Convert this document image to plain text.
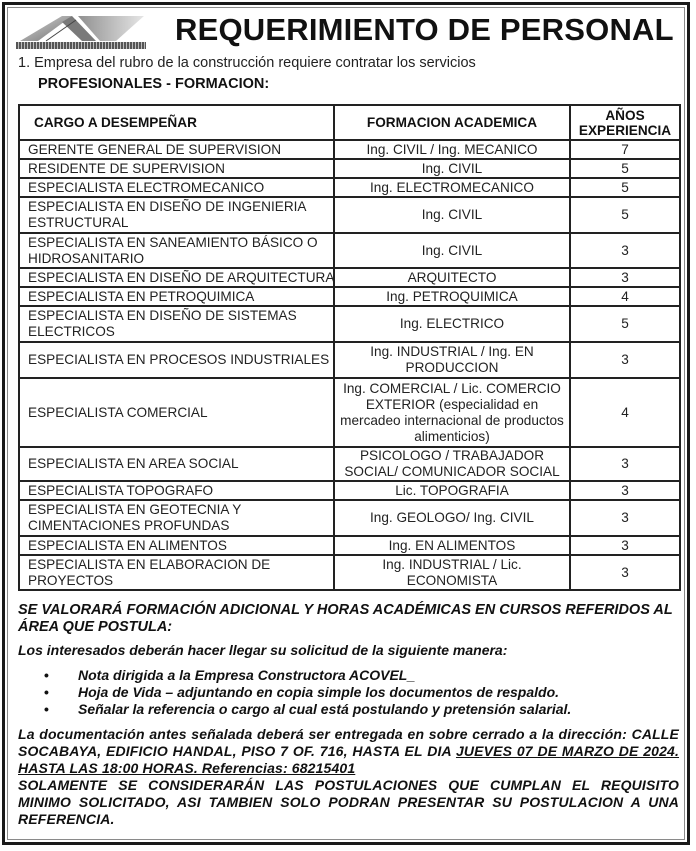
REQUERIMIENTO DE PERSONAL
1. Empresa del rubro de la construcción requiere contratar los servicios
PROFESIONALES - FORMACION:
CARGO A DESEMPEÑAR	FORMACION ACADEMICA	AÑOS EXPERIENCIA
GERENTE GENERAL DE SUPERVISION	Ing. CIVIL / Ing. MECANICO	7
RESIDENTE DE SUPERVISION	Ing. CIVIL	5
ESPECIALISTA ELECTROMECANICO	Ing. ELECTROMECANICO	5
ESPECIALISTA EN DISEÑO DE INGENIERIA ESTRUCTURAL	Ing. CIVIL	5
ESPECIALISTA EN SANEAMIENTO BÁSICO O HIDROSANITARIO	Ing. CIVIL	3
ESPECIALISTA EN DISEÑO DE ARQUITECTURA	ARQUITECTO	3
ESPECIALISTA EN PETROQUIMICA	Ing. PETROQUIMICA	4
ESPECIALISTA EN DISEÑO DE SISTEMAS ELECTRICOS	Ing. ELECTRICO	5
ESPECIALISTA EN PROCESOS INDUSTRIALES	Ing. INDUSTRIAL / Ing. EN PRODUCCION	3
ESPECIALISTA COMERCIAL	Ing. COMERCIAL / Lic. COMERCIO EXTERIOR (especialidad en mercadeo internacional de productos alimenticios)	4
ESPECIALISTA EN AREA SOCIAL	PSICOLOGO / TRABAJADOR SOCIAL/ COMUNICADOR SOCIAL	3
ESPECIALISTA TOPOGRAFO	Lic. TOPOGRAFIA	3
ESPECIALISTA EN GEOTECNIA Y CIMENTACIONES PROFUNDAS	Ing. GEOLOGO/ Ing. CIVIL	3
ESPECIALISTA EN ALIMENTOS	Ing. EN ALIMENTOS	3
ESPECIALISTA EN ELABORACION DE PROYECTOS	Ing. INDUSTRIAL / Lic. ECONOMISTA	3

SE VALORARÁ FORMACIÓN ADICIONAL Y HORAS ACADÉMICAS EN CURSOS REFERIDOS AL ÁREA QUE POSTULA:

Los interesados deberán hacer llegar su solicitud de la siguiente manera:

• Nota dirigida a la Empresa Constructora ACOVEL_
• Hoja de Vida – adjuntando en copia simple los documentos de respaldo.
• Señalar la referencia o cargo al cual está postulando y pretensión salarial.

La documentación antes señalada deberá ser entregada en sobre cerrado a la dirección: CALLE SOCABAYA, EDIFICIO HANDAL, PISO 7 OF. 716, HASTA EL DIA JUEVES 07 DE MARZO DE 2024. HASTA LAS 18:00 HORAS. Referencias: 68215401

SOLAMENTE SE CONSIDERARÁN LAS POSTULACIONES QUE CUMPLAN EL REQUISITO MINIMO SOLICITADO, ASI TAMBIEN SOLO PODRAN PRESENTAR SU POSTULACION A UNA REFERENCIA.
